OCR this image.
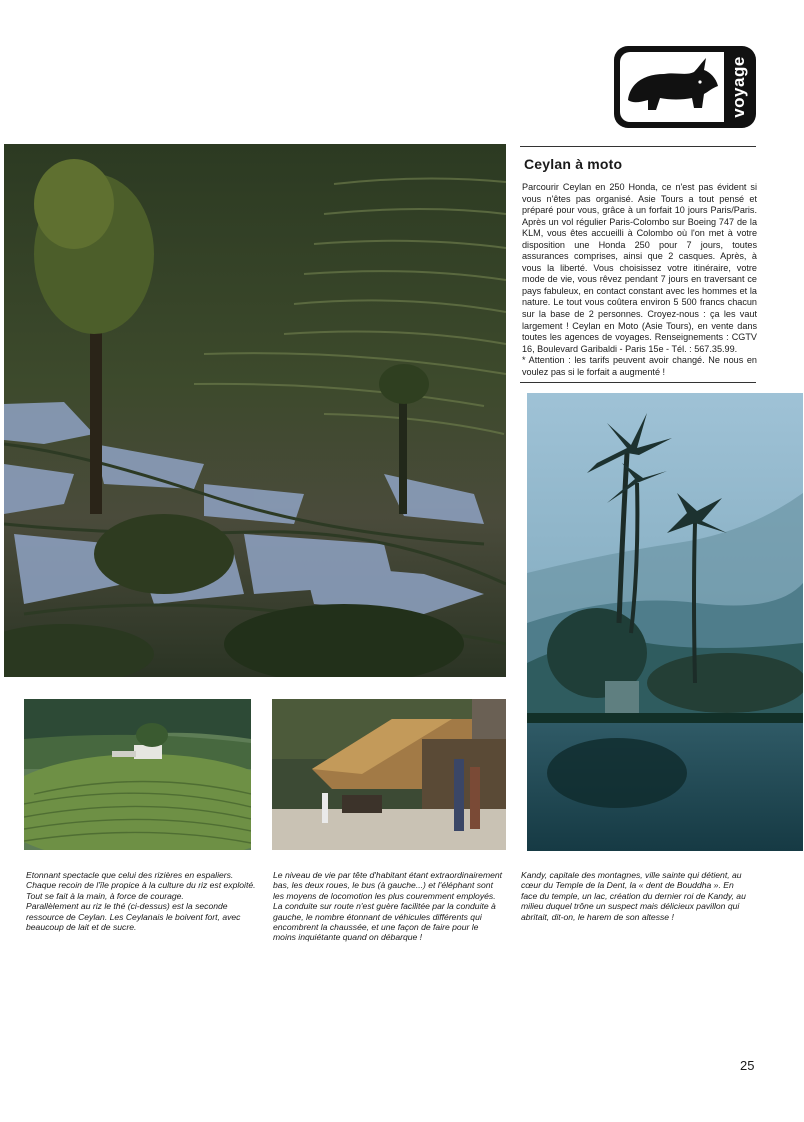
voyage
Ceylan à moto

Parcourir Ceylan en 250 Honda, ce n'est pas évident si vous n'êtes pas organisé. Asie Tours a tout pensé et préparé pour vous, grâce à un forfait 10 jours Paris/Paris. Après un vol régulier Paris-Colombo sur Boeing 747 de la KLM, vous êtes accueilli à Colombo où l'on met à votre disposition une Honda 250 pour 7 jours, toutes assurances comprises, ainsi que 2 casques. Après, à vous la liberté. Vous choisissez votre itinéraire, votre mode de vie, vous rêvez pendant 7 jours en traversant ce pays fabuleux, en contact constant avec les hommes et la nature. Le tout vous coûtera environ 5 500 francs chacun sur la base de 2 personnes. Croyez-nous : ça les vaut largement ! Ceylan en Moto (Asie Tours), en vente dans toutes les agences de voyages. Renseignements : CGTV 16, Boulevard Garibaldi - Paris 15e - Tél. : 567.35.99.

* Attention : les tarifs peuvent avoir changé. Ne nous en voulez pas si le forfait a augmenté !

Etonnant spectacle que celui des rizières en espaliers. Chaque recoin de l'île propice à la culture du riz est exploité. Tout se fait à la main, à force de courage.

Parallèlement au riz le thé (ci-dessus) est la seconde ressource de Ceylan. Les Ceylanais le boivent fort, avec beaucoup de lait et de sucre.

Le niveau de vie par tête d'habitant étant extraordinairement bas, les deux roues, le bus (à gauche...) et l'éléphant sont les moyens de locomotion les plus couremment employés. La conduite sur route n'est guère facilitée par la conduite à gauche, le nombre étonnant de véhicules différents qui encombrent la chaussée, et une façon de faire pour le moins inquiétante quand on débarque !

Kandy, capitale des montagnes, ville sainte qui détient, au cœur du Temple de la Dent, la « dent de Bouddha ». En face du temple, un lac, création du dernier roi de Kandy, au milieu duquel trône un suspect mais délicieux pavillon qui abritait, dit-on, le harem de son altesse !

25
